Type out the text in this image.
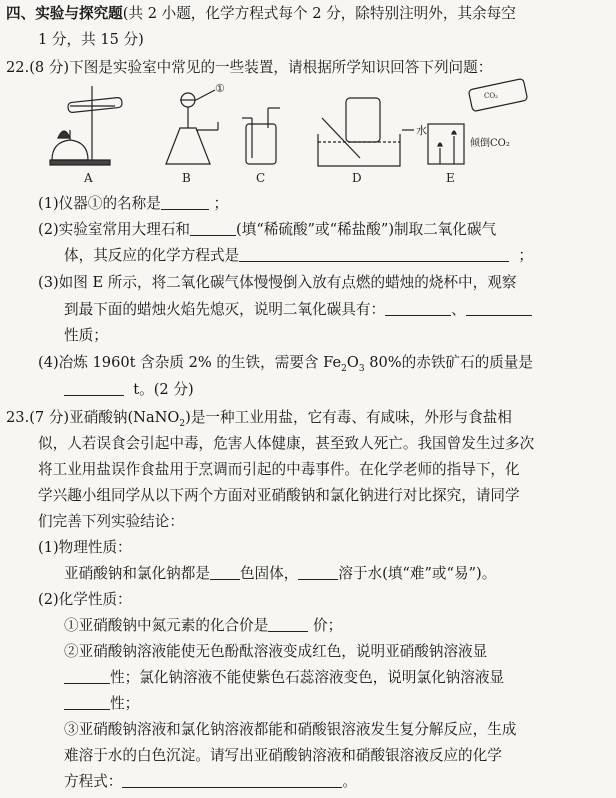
四、实验与探究题(共 2 小题，化学方程式每个 2 分，除特别注明外，其余每空
1 分，共 15 分)
22.(8 分)下图是实验室中常见的一些装置，请根据所学知识回答下列问题：
①
水
CO₂
倾倒CO₂
A	B	C	D	E
(1)仪器①的名称是	；
(2)实验室常用大理石和	(填“稀硫酸”或“稀盐酸”)制取二氧化碳气
体，其反应的化学方程式是	；
(3)如图 E 所示，将二氧化碳气体慢慢倒入放有点燃的蜡烛的烧杯中，观察
到最下面的蜡烛火焰先熄灭，说明二氧化碳具有：	、
性质；
(4)冶炼 1960t 含杂质 2% 的生铁，需要含 $Fe_2O_3$ 80%的赤铁矿石的质量是
t。(2 分)
23.(7 分)亚硝酸钠(NaNO$_2$)是一种工业用盐，它有毒、有咸味，外形与食盐相
似，人若误食会引起中毒，危害人体健康，甚至致人死亡。我国曾发生过多次
将工业用盐误作食盐用于烹调而引起的中毒事件。在化学老师的指导下，化
学兴趣小组同学从以下两个方面对亚硝酸钠和氯化钠进行对比探究，请同学
们完善下列实验结论：
(1)物理性质：
亚硝酸钠和氯化钠都是 色固体，	溶于水(填“难”或“易”)。
(2)化学性质：
①亚硝酸钠中氮元素的化合价是	价；
②亚硝酸钠溶液能使无色酚酞溶液变成红色，说明亚硝酸钠溶液显
性；氯化钠溶液不能使紫色石蕊溶液变色，说明氯化钠溶液显
性；
③亚硝酸钠溶液和氯化钠溶液都能和硝酸银溶液发生复分解反应，生成
难溶于水的白色沉淀。请写出亚硝酸钠溶液和硝酸银溶液反应的化学
方程式：	。
